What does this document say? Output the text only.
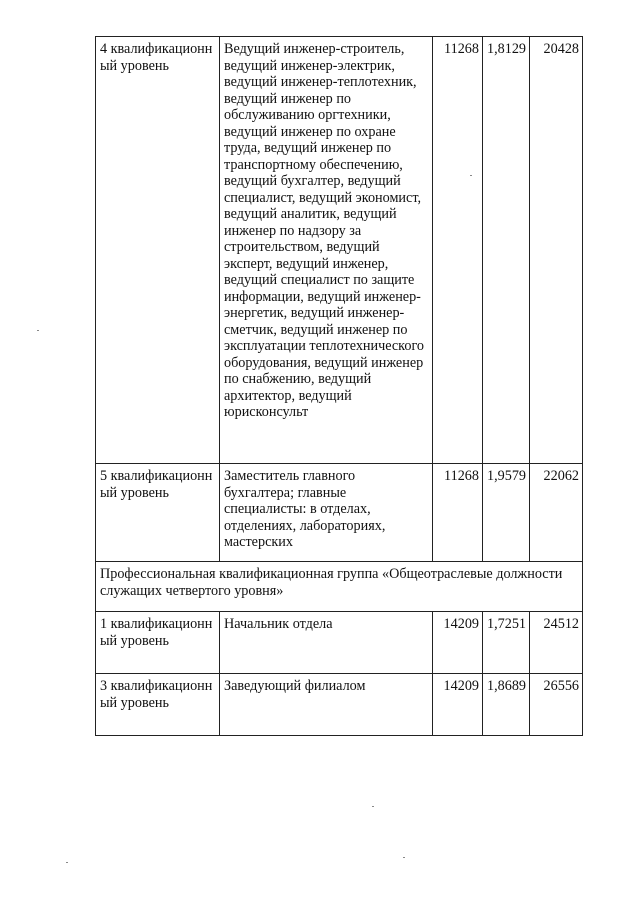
4 квалификационный уровень	Ведущий инженер-строитель, ведущий инженер-электрик, ведущий инженер-теплотехник, ведущий инженер по обслуживанию оргтехники, ведущий инженер по охране труда, ведущий инженер по транспортному обеспечению, ведущий бухгалтер, ведущий специалист, ведущий экономист, ведущий аналитик, ведущий инженер по надзору за строительством, ведущий эксперт, ведущий инженер, ведущий специалист по защите информации, ведущий инженер-энергетик, ведущий инженер-сметчик, ведущий инженер по эксплуатации теплотехнического оборудования, ведущий инженер по снабжению, ведущий архитектор, ведущий юрисконсульт	11268	1,8129	20428
5 квалификационный уровень	Заместитель главного бухгалтера; главные специалисты: в отделах, отделениях, лабораториях, мастерских	11268	1,9579	22062
Профессиональная квалификационная группа «Общеотраслевые должности служащих четвертого уровня»				
1 квалификационный уровень	Начальник отдела	14209	1,7251	24512
3 квалификационный уровень	Заведующий филиалом	14209	1,8689	26556
